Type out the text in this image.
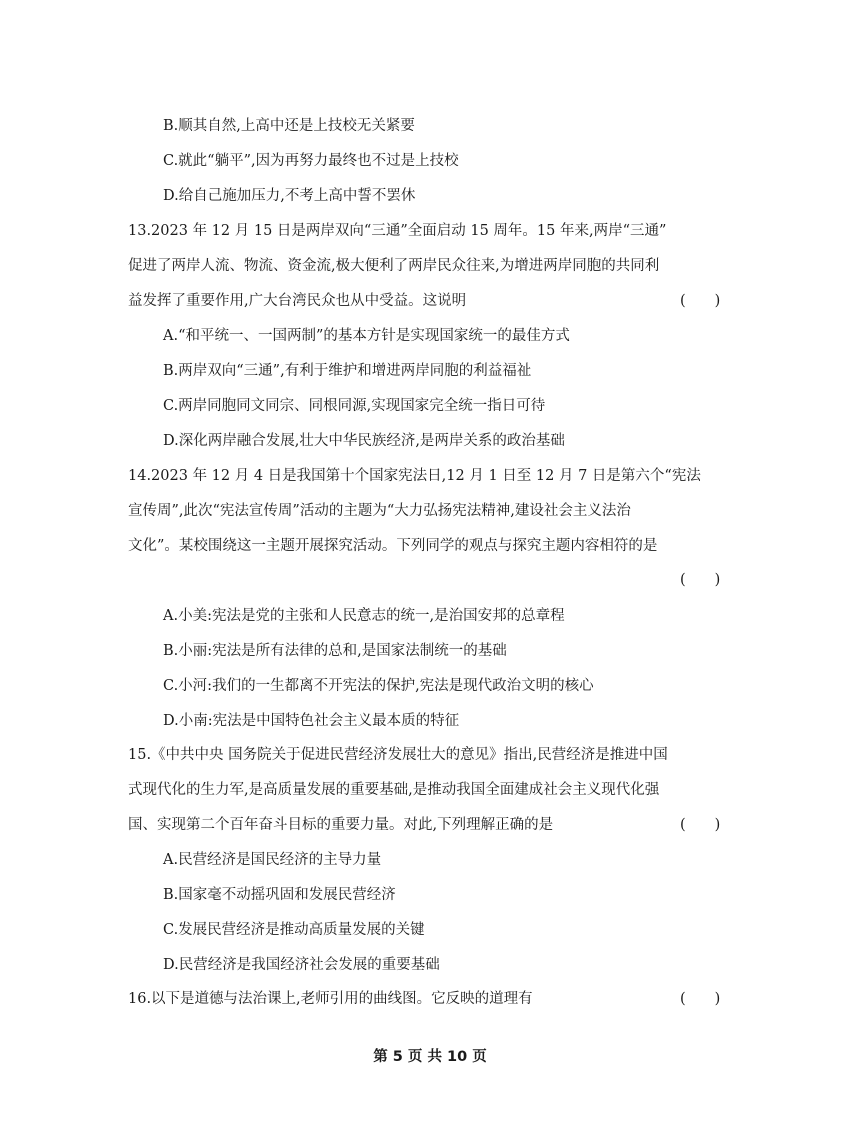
B.顺其自然,上高中还是上技校无关紧要
C.就此“躺平”,因为再努力最终也不过是上技校
D.给自己施加压力,不考上高中誓不罢休
13.2023 年 12 月 15 日是两岸双向“三通”全面启动 15 周年。15 年来,两岸“三通”
促进了两岸人流、物流、资金流,极大便利了两岸民众往来,为增进两岸同胞的共同利
益发挥了重要作用,广大台湾民众也从中受益。这说明	(　　)
A.“和平统一、一国两制”的基本方针是实现国家统一的最佳方式
B.两岸双向“三通”,有利于维护和增进两岸同胞的利益福祉
C.两岸同胞同文同宗、同根同源,实现国家完全统一指日可待
D.深化两岸融合发展,壮大中华民族经济,是两岸关系的政治基础
14.2023 年 12 月 4 日是我国第十个国家宪法日,12 月 1 日至 12 月 7 日是第六个“宪法
宣传周”,此次“宪法宣传周”活动的主题为“大力弘扬宪法精神,建设社会主义法治
文化”。某校围绕这一主题开展探究活动。下列同学的观点与探究主题内容相符的是
(　　)
A.小美:宪法是党的主张和人民意志的统一,是治国安邦的总章程
B.小丽:宪法是所有法律的总和,是国家法制统一的基础
C.小河:我们的一生都离不开宪法的保护,宪法是现代政治文明的核心
D.小南:宪法是中国特色社会主义最本质的特征
15.《中共中央 国务院关于促进民营经济发展壮大的意见》指出,民营经济是推进中国
式现代化的生力军,是高质量发展的重要基础,是推动我国全面建成社会主义现代化强
国、实现第二个百年奋斗目标的重要力量。对此,下列理解正确的是	(　　)
A.民营经济是国民经济的主导力量
B.国家毫不动摇巩固和发展民营经济
C.发展民营经济是推动高质量发展的关键
D.民营经济是我国经济社会发展的重要基础
16.以下是道德与法治课上,老师引用的曲线图。它反映的道理有	(　　)
第 5 页 共 10 页
